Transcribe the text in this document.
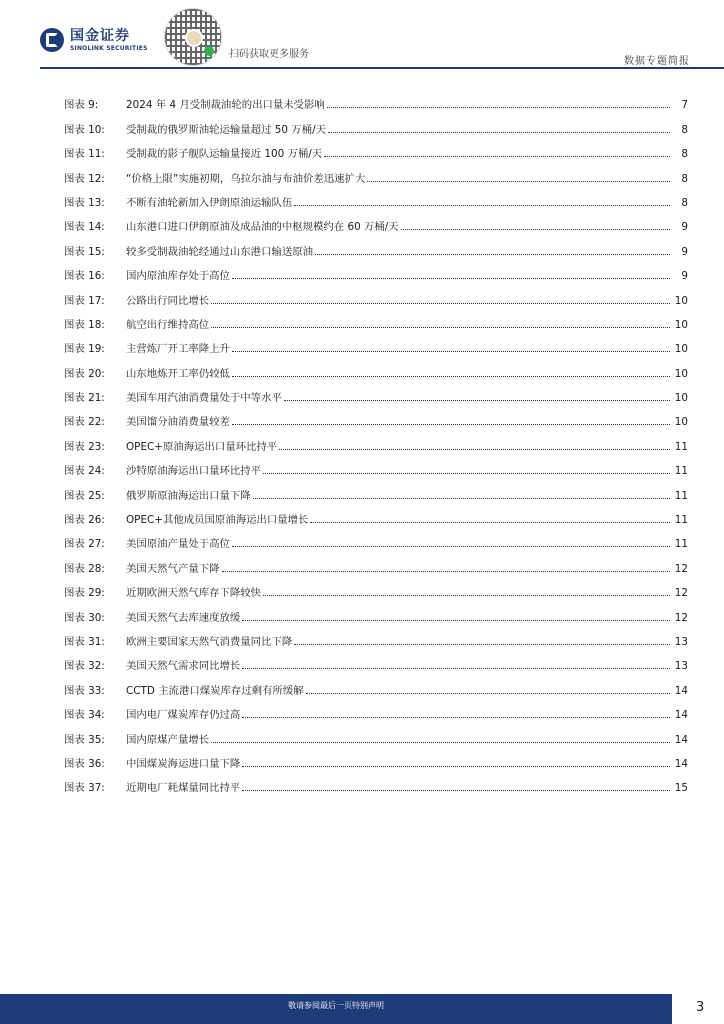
国金证券
SINOLINK SECURITIES
扫码获取更多服务
数据专题简报
图表 9:	2024 年 4 月受制裁油轮的出口量未受影响	7
图表 10:	受制裁的俄罗斯油轮运输量超过 50 万桶/天	8
图表 11:	受制裁的影子舰队运输量接近 100 万桶/天	8
图表 12:	“价格上限”实施初期，乌拉尔油与布油价差迅速扩大	8
图表 13:	不断有油轮新加入伊朗原油运输队伍	8
图表 14:	山东港口进口伊朗原油及成品油的中枢规模约在 60 万桶/天	9
图表 15:	较多受制裁油轮经通过山东港口输送原油	9
图表 16:	国内原油库存处于高位	9
图表 17:	公路出行同比增长	10
图表 18:	航空出行维持高位	10
图表 19:	主营炼厂开工率降上升	10
图表 20:	山东地炼开工率仍较低	10
图表 21:	美国车用汽油消费量处于中等水平	10
图表 22:	美国馏分油消费量较差	10
图表 23:	OPEC+原油海运出口量环比持平	11
图表 24:	沙特原油海运出口量环比持平	11
图表 25:	俄罗斯原油海运出口量下降	11
图表 26:	OPEC+其他成员国原油海运出口量增长	11
图表 27:	美国原油产量处于高位	11
图表 28:	美国天然气产量下降	12
图表 29:	近期欧洲天然气库存下降较快	12
图表 30:	美国天然气去库速度放缓	12
图表 31:	欧洲主要国家天然气消费量同比下降	13
图表 32:	美国天然气需求同比增长	13
图表 33:	CCTD 主流港口煤炭库存过剩有所缓解	14
图表 34:	国内电厂煤炭库存仍过高	14
图表 35:	国内原煤产量增长	14
图表 36:	中国煤炭海运进口量下降	14
图表 37:	近期电厂耗煤量同比持平	15
敬请参阅最后一页特别声明	3
